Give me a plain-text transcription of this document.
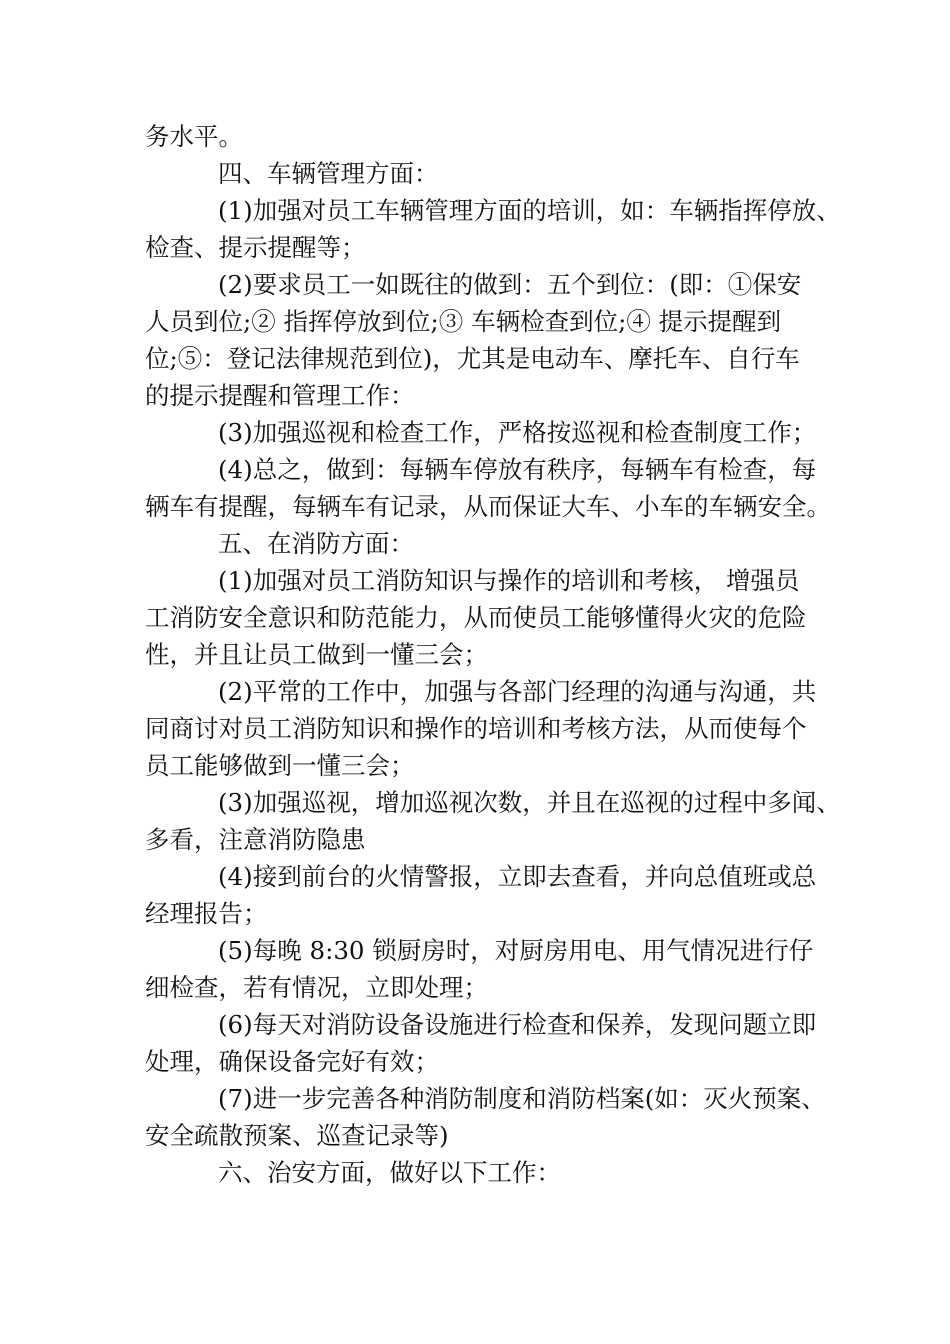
务水平。
四、车辆管理方面：
(1)加强对员工车辆管理方面的培训，如：车辆指挥停放、
检查、提示提醒等；
(2)要求员工一如既往的做到：五个到位：(即：①保安
人员到位;② 指挥停放到位;③ 车辆检查到位;④ 提示提醒到
位;⑤：登记法律规范到位)，尤其是电动车、摩托车、自行车
的提示提醒和管理工作：
(3)加强巡视和检查工作，严格按巡视和检查制度工作；
(4)总之，做到：每辆车停放有秩序，每辆车有检查，每
辆车有提醒，每辆车有记录，从而保证大车、小车的车辆安全。
五、在消防方面：
(1)加强对员工消防知识与操作的培训和考核， 增强员
工消防安全意识和防范能力，从而使员工能够懂得火灾的危险
性，并且让员工做到一懂三会；
(2)平常的工作中，加强与各部门经理的沟通与沟通，共
同商讨对员工消防知识和操作的培训和考核方法，从而使每个
员工能够做到一懂三会；
(3)加强巡视，增加巡视次数，并且在巡视的过程中多闻、
多看，注意消防隐患
(4)接到前台的火情警报，立即去查看，并向总值班或总
经理报告；
(5)每晚 8:30 锁厨房时，对厨房用电、用气情况进行仔
细检查，若有情况，立即处理；
(6)每天对消防设备设施进行检查和保养，发现问题立即
处理，确保设备完好有效；
(7)进一步完善各种消防制度和消防档案(如：灭火预案、
安全疏散预案、巡查记录等)
六、治安方面，做好以下工作：
